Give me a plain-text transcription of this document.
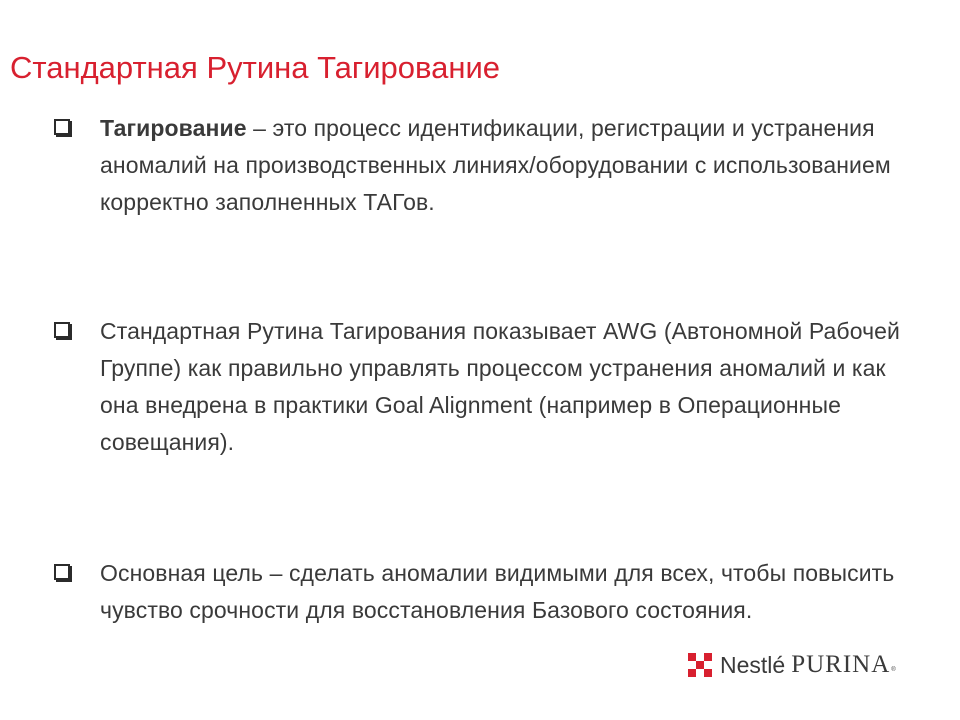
Стандартная Рутина Тагирование

Тагирование – это процесс идентификации, регистрации и устранения аномалий на производственных линиях/оборудовании с использованием корректно заполненных ТАГов.

Стандартная Рутина Тагирования показывает AWG (Автономной Рабочей Группе) как правильно управлять процессом устранения аномалий и как она внедрена в практики Goal Alignment (например в Операционные совещания).

Основная цель – сделать аномалии видимыми для всех, чтобы повысить чувство срочности для восстановления Базового состояния.

Nestlé PURINA ®
